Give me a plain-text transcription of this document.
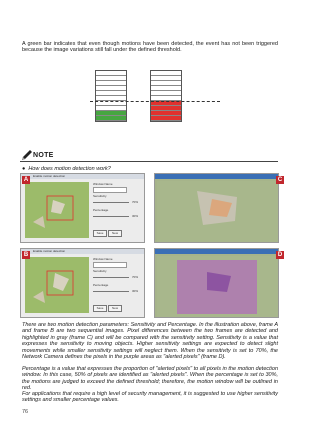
A green bar indicates that even though motions have been detected, the event has not been triggered because the image variations still fall under the defined threshold.

NOTE
● How does motion detection work?
Enable motion detection
Window Name
Sensitivity
70%
Percentage
30%
Save	New
A	C
Enable motion detection
Window Name
Sensitivity
70%
Percentage
30%
Save	New
B	D

There are two motion detection parameters: Sensitivity and Percentage. In the illustration above, frame A and frame B are two sequential images. Pixel differences between the two frames are detected and highlighted in gray (frame C) and will be compared with the sensitivity setting. Sensitivity is a value that expresses the sensitivity to moving objects. Higher sensitivity settings are expected to detect slight movements while smaller sensitivity settings will neglect them. When the sensitivity is set to 70%, the Network Camera defines the pixels in the purple areas as "alerted pixels" (frame D).

Percentage is a value that expresses the proportion of "alerted pixels" to all pixels in the motion detection window. In this case, 50% of pixels are identified as "alerted pixels". When the percentage is set to 30%, the motions are judged to exceed the defined threshold; therefore, the motion window will be outlined in red.

For applications that require a high level of security management, it is suggested to use higher sensitivity settings and smaller percentage values.

76
